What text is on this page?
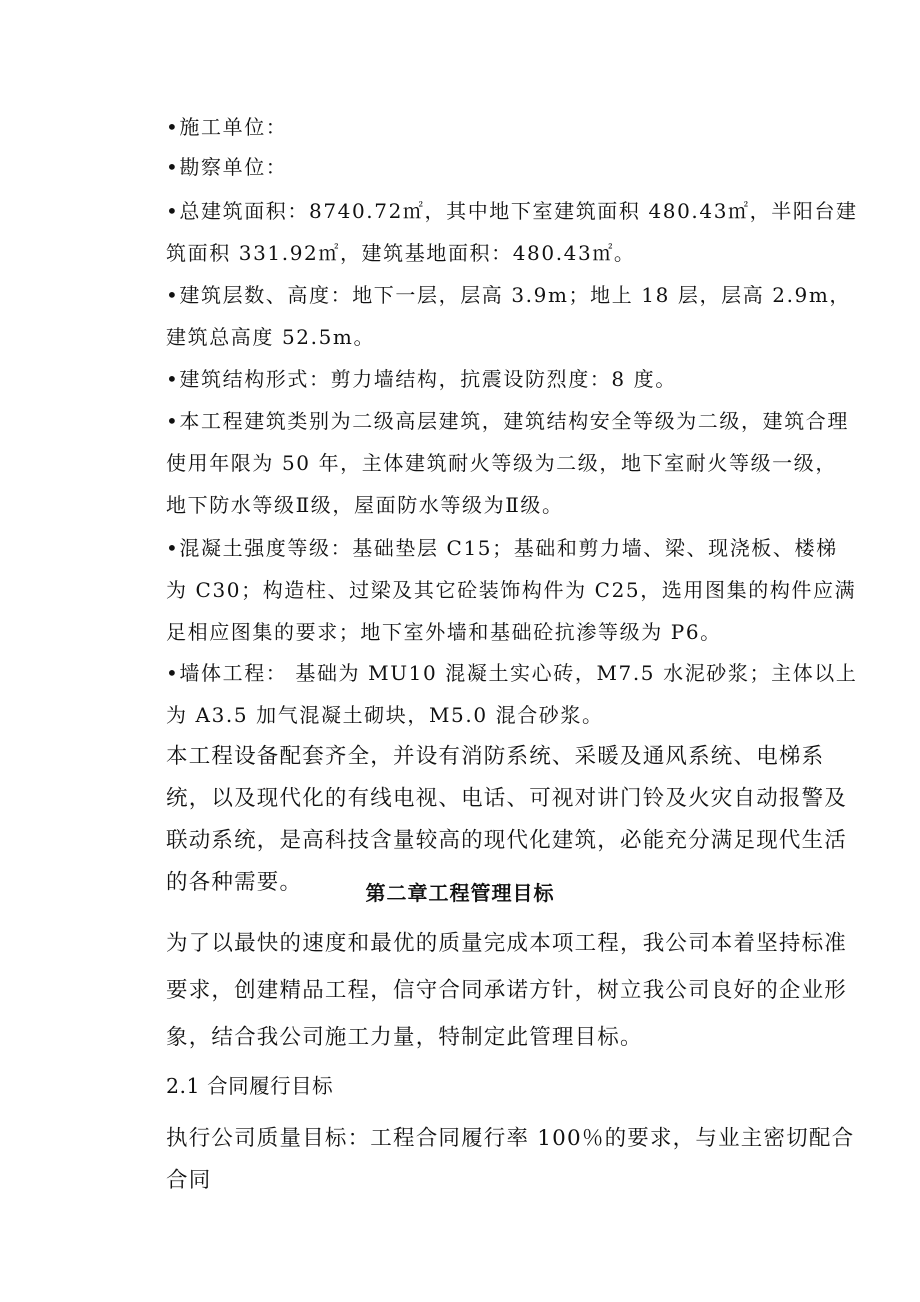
•施工单位：

•勘察单位：

•总建筑面积：8740.72㎡，其中地下室建筑面积 480.43㎡，半阳台建筑面积 331.92㎡，建筑基地面积：480.43㎡。

•建筑层数、高度：地下一层，层高 3.9m；地上 18 层，层高 2.9m，建筑总高度 52.5m。

•建筑结构形式：剪力墙结构，抗震设防烈度：8 度。

•本工程建筑类别为二级高层建筑，建筑结构安全等级为二级，建筑合理使用年限为 50 年，主体建筑耐火等级为二级，地下室耐火等级一级，地下防水等级Ⅱ级，屋面防水等级为Ⅱ级。

•混凝土强度等级：基础垫层 C15；基础和剪力墙、梁、现浇板、楼梯为 C30；构造柱、过梁及其它砼装饰构件为 C25，选用图集的构件应满足相应图集的要求；地下室外墙和基础砼抗渗等级为 P6。

•墙体工程： 基础为 MU10 混凝土实心砖，M7.5 水泥砂浆；主体以上为 A3.5 加气混凝土砌块，M5.0 混合砂浆。

本工程设备配套齐全，并设有消防系统、采暖及通风系统、电梯系统，以及现代化的有线电视、电话、可视对讲门铃及火灾自动报警及联动系统，是高科技含量较高的现代化建筑，必能充分满足现代生活的各种需要。	第二章工程管理目标

为了以最快的速度和最优的质量完成本项工程，我公司本着坚持标准要求，创建精品工程，信守合同承诺方针，树立我公司良好的企业形象，结合我公司施工力量，特制定此管理目标。

2.1 合同履行目标

执行公司质量目标：工程合同履行率 100％的要求，与业主密切配合合同
